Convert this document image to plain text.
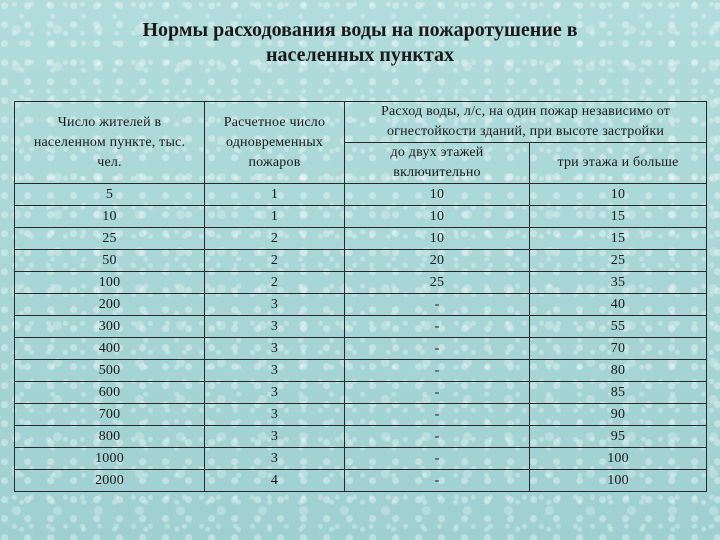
Нормы расходования воды на пожаротушение в
населенных пунктах
Число жителей в
населенном пункте, тыс.
чел.	Расчетное число
одновременных
пожаров	Расход воды, л/с, на один пожар независимо от
огнестойкости зданий, при высоте застройки	

		до двух этажей
включительно	три этажа и больше

5	1	10	10
10	1	10	15
25	2	10	15
50	2	20	25
100	2	25	35
200	3	-	40
300	3	-	55
400	3	-	70
500	3	-	80
600	3	-	85
700	3	-	90
800	3	-	95
1000	3	-	100
2000	4	-	100
